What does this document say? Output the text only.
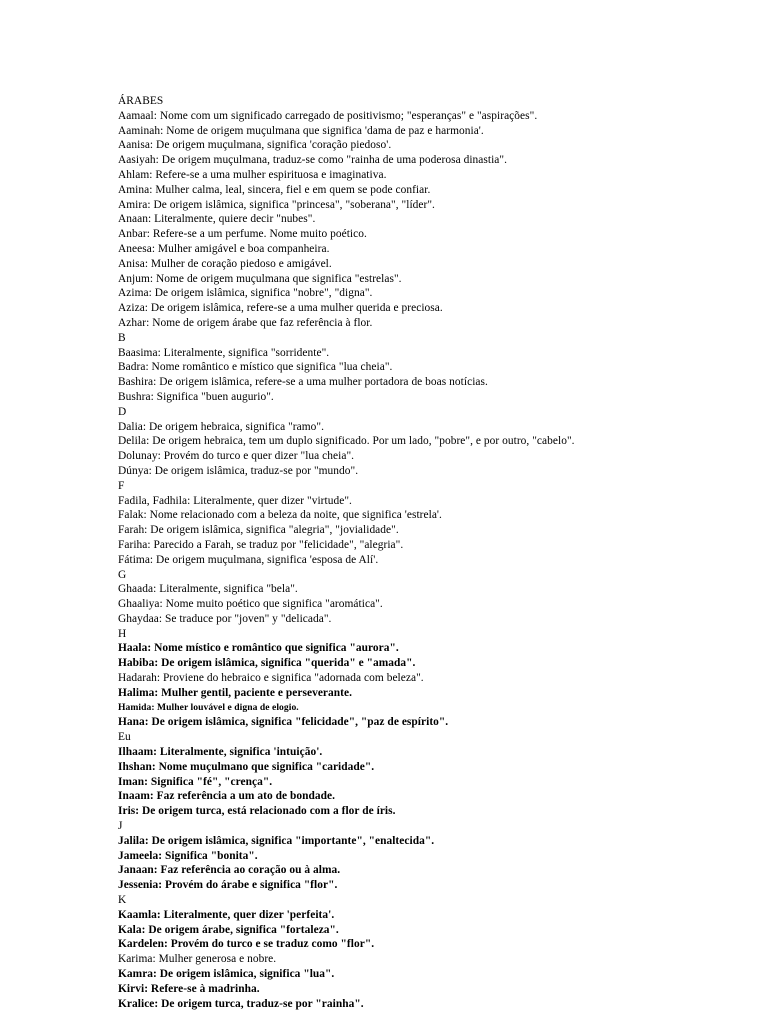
ÁRABES
Aamaal: Nome com um significado carregado de positivismo; "esperanças" e "aspirações".
Aaminah: Nome de origem muçulmana que significa 'dama de paz e harmonia'.
Aanisa: De origem muçulmana, significa 'coração piedoso'.
Aasiyah: De origem muçulmana, traduz-se como "rainha de uma poderosa dinastia".
Ahlam: Refere-se a uma mulher espirituosa e imaginativa.
Amina: Mulher calma, leal, sincera, fiel e em quem se pode confiar.
Amira: De origem islâmica, significa "princesa", "soberana", "líder".
Anaan: Literalmente, quiere decir "nubes".
Anbar: Refere-se a um perfume. Nome muito poético.
Aneesa: Mulher amigável e boa companheira.
Anisa: Mulher de coração piedoso e amigável.
Anjum: Nome de origem muçulmana que significa "estrelas".
Azima: De origem islâmica, significa "nobre", "digna".
Aziza: De origem islâmica, refere-se a uma mulher querida e preciosa.
Azhar: Nome de origem árabe que faz referência à flor.
B
Baasima: Literalmente, significa "sorridente".
Badra: Nome romântico e místico que significa "lua cheia".
Bashira: De origem islâmica, refere-se a uma mulher portadora de boas notícias.
Bushra: Significa "buen augurio".
D
Dalia: De origem hebraica, significa "ramo".
Delila: De origem hebraica, tem um duplo significado. Por um lado, "pobre", e por outro, "cabelo".
Dolunay: Provém do turco e quer dizer "lua cheia".
Dúnya: De origem islâmica, traduz-se por "mundo".
F
Fadila, Fadhila: Literalmente, quer dizer "virtude".
Falak: Nome relacionado com a beleza da noite, que significa 'estrela'.
Farah: De origem islâmica, significa "alegria", "jovialidade".
Fariha: Parecido a Farah, se traduz por "felicidade", "alegria".
Fátima: De origem muçulmana, significa 'esposa de Alí'.
G
Ghaada: Literalmente, significa "bela".
Ghaaliya: Nome muito poético que significa "aromática".
Ghaydaa: Se traduce por "joven" y "delicada".
H
Haala: Nome místico e romântico que significa "aurora".
Habiba: De origem islâmica, significa "querida" e "amada".
Hadarah: Proviene do hebraico e significa "adornada com beleza".
Halima: Mulher gentil, paciente e perseverante.
Hamida: Mulher louvável e digna de elogio.
Hana: De origem islâmica, significa "felicidade", "paz de espírito".
Eu
Ilhaam: Literalmente, significa 'intuição'.
Ihshan: Nome muçulmano que significa "caridade".
Iman: Significa "fé", "crença".
Inaam: Faz referência a um ato de bondade.
Iris: De origem turca, está relacionado com a flor de íris.
J
Jalila: De origem islâmica, significa "importante", "enaltecida".
Jameela: Significa "bonita".
Janaan: Faz referência ao coração ou à alma.
Jessenia: Provém do árabe e significa "flor".
K
Kaamla: Literalmente, quer dizer 'perfeita'.
Kala: De origem árabe, significa "fortaleza".
Kardelen: Provém do turco e se traduz como "flor".
Karima: Mulher generosa e nobre.
Kamra: De origem islâmica, significa "lua".
Kirvi: Refere-se à madrinha.
Kralice: De origem turca, traduz-se por "rainha".
